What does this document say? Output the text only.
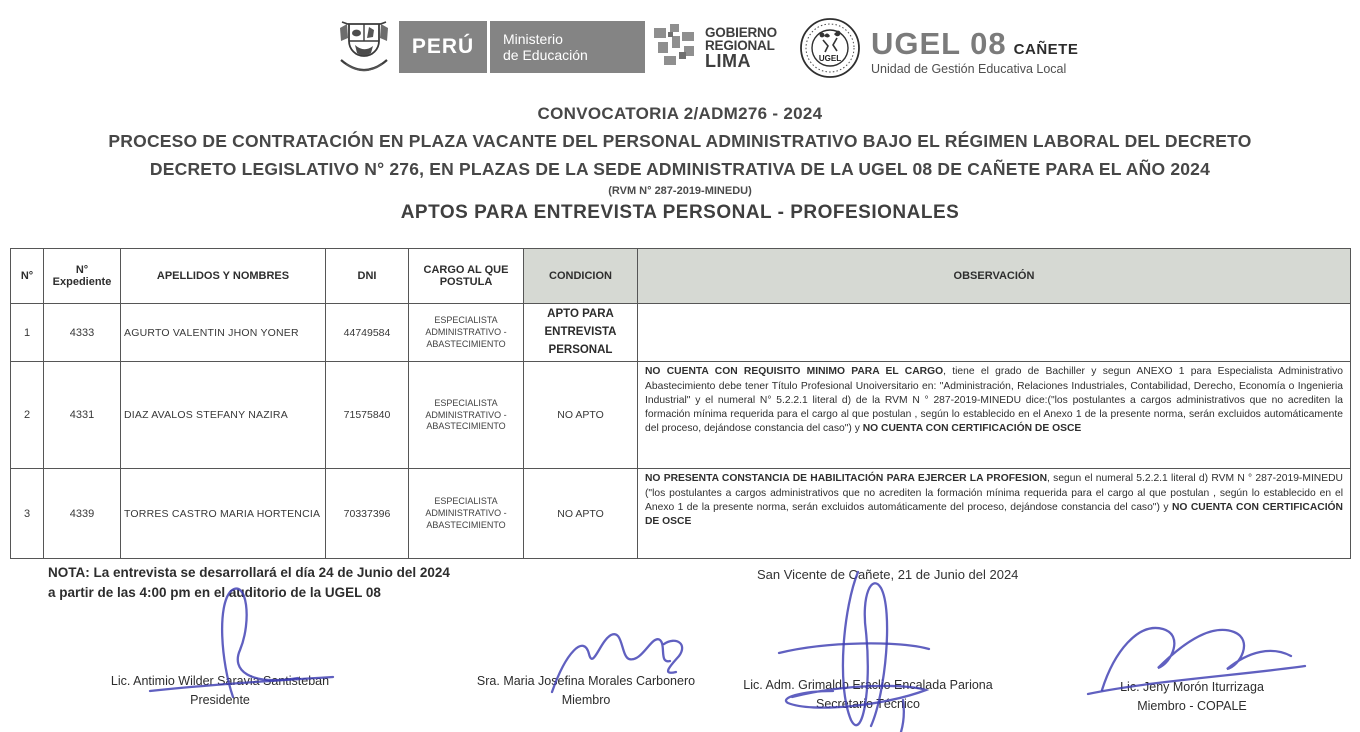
PERÚ Ministerio
de Educación
GOBIERNO
REGIONAL
LIMA	UGEL UGEL 08 CAÑETE
Unidad de Gestión Educativa Local
CONVOCATORIA 2/ADM276 - 2024
PROCESO DE CONTRATACIÓN EN PLAZA VACANTE DEL PERSONAL ADMINISTRATIVO BAJO EL RÉGIMEN LABORAL DEL DECRETO
DECRETO LEGISLATIVO N° 276, EN PLAZAS DE LA SEDE ADMINISTRATIVA DE LA UGEL 08 DE CAÑETE PARA EL AÑO 2024
(RVM N° 287-2019-MINEDU)
APTOS PARA ENTREVISTA PERSONAL - PROFESIONALES
N°	N° Expediente	APELLIDOS Y NOMBRES	DNI	CARGO AL QUE POSTULA	CONDICION	OBSERVACIÓN
1	4333	AGURTO VALENTIN JHON YONER	44749584	ESPECIALISTA ADMINISTRATIVO - ABASTECIMIENTO	APTO PARA ENTREVISTA PERSONAL	
2	4331	DIAZ AVALOS STEFANY NAZIRA	71575840	ESPECIALISTA ADMINISTRATIVO - ABASTECIMIENTO	NO APTO	NO CUENTA CON REQUISITO MINIMO PARA EL CARGO, tiene el grado de Bachiller y segun ANEXO 1 para Especialista Administrativo Abastecimiento debe tener Título Profesional Unoiversitario en: "Administración, Relaciones Industriales, Contabilidad, Derecho, Economía o Ingenieria Industrial" y el numeral N° 5.2.2.1 literal d) de la RVM N ° 287-2019-MINEDU dice:("los postulantes a cargos administrativos que no acrediten la formación mínima requerida para el cargo al que postulan , según lo establecido en el Anexo 1 de la presente norma, serán excluidos automáticamente del proceso, dejándose constancia del caso") y NO CUENTA CON CERTIFICACIÓN DE OSCE
3	4339	TORRES CASTRO MARIA HORTENCIA	70337396	ESPECIALISTA ADMINISTRATIVO - ABASTECIMIENTO	NO APTO	NO PRESENTA CONSTANCIA DE HABILITACIÓN PARA EJERCER LA PROFESION, segun el numeral 5.2.2.1 literal d) RVM N ° 287-2019-MINEDU ("los postulantes a cargos administrativos que no acrediten la formación mínima requerida para el cargo al que postulan , según lo establecido en el Anexo 1 de la presente norma, serán excluidos automáticamente del proceso, dejándose constancia del caso") y NO CUENTA CON CERTIFICACIÓN DE OSCE
NOTA: La entrevista se desarrollará el día 24 de Junio del 2024
a partir de las 4:00 pm en el auditorio de la UGEL 08
San Vicente de Cañete, 21 de Junio del 2024
Lic. Antimio Wilder Saravia Santisteban
Presidente
Sra. Maria Josefina Morales Carbonero
Miembro
Lic. Adm. Grimaldo Eraclio Encalada Pariona
Secretario Técnico
Lic. Jeny Morón Iturrizaga
Miembro - COPALE
